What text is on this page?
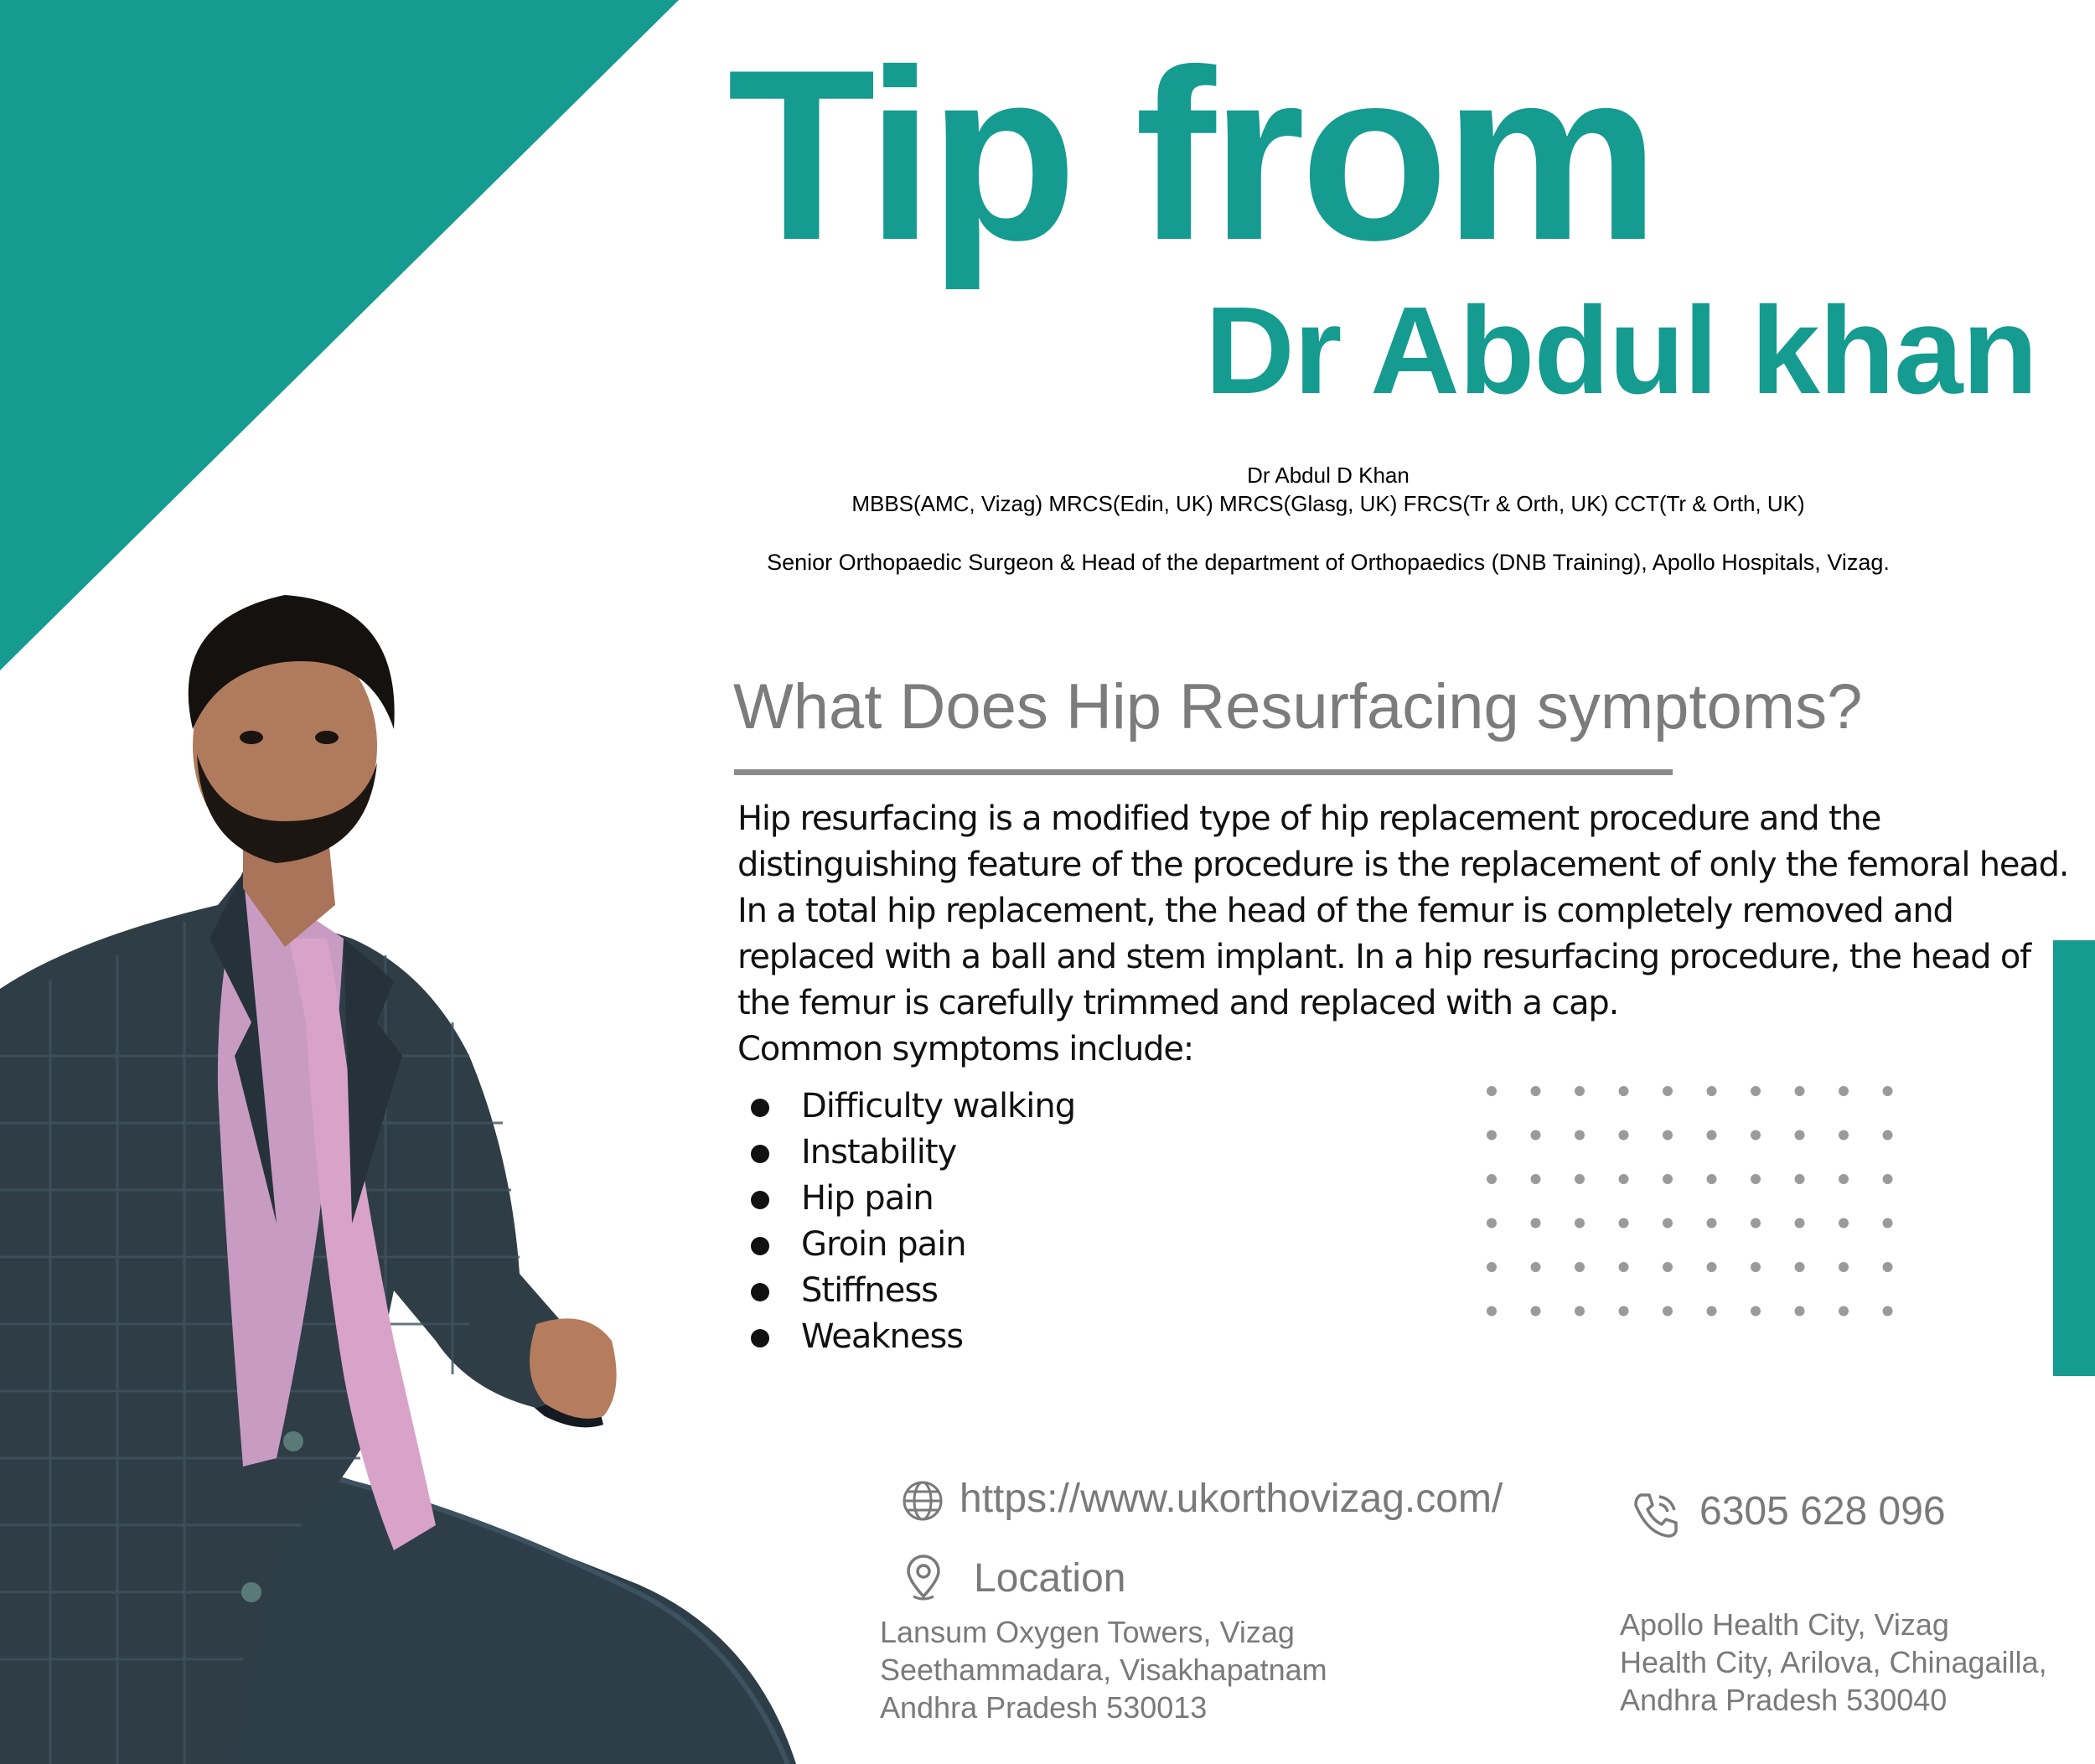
Tip from
Dr Abdul khan
Dr Abdul D Khan
MBBS(AMC, Vizag) MRCS(Edin, UK) MRCS(Glasg, UK) FRCS(Tr & Orth, UK) CCT(Tr & Orth, UK)
Senior Orthopaedic Surgeon & Head of the department of Orthopaedics (DNB Training), Apollo Hospitals, Vizag.
What Does Hip Resurfacing symptoms?
Hip resurfacing is a modified type of hip replacement procedure and the
distinguishing feature of the procedure is the replacement of only the femoral head.
In a total hip replacement, the head of the femur is completely removed and
replaced with a ball and stem implant. In a hip resurfacing procedure, the head of
the femur is carefully trimmed and replaced with a cap.
Common symptoms include:
Difficulty walking
Instability
Hip pain
Groin pain
Stiffness
Weakness
https://www.ukorthovizag.com/	6305 628 096
Location
Lansum Oxygen Towers, Vizag
Seethammadara, Visakhapatnam
Andhra Pradesh 530013
Apollo Health City, Vizag
Health City, Arilova, Chinagailla,
Andhra Pradesh 530040
